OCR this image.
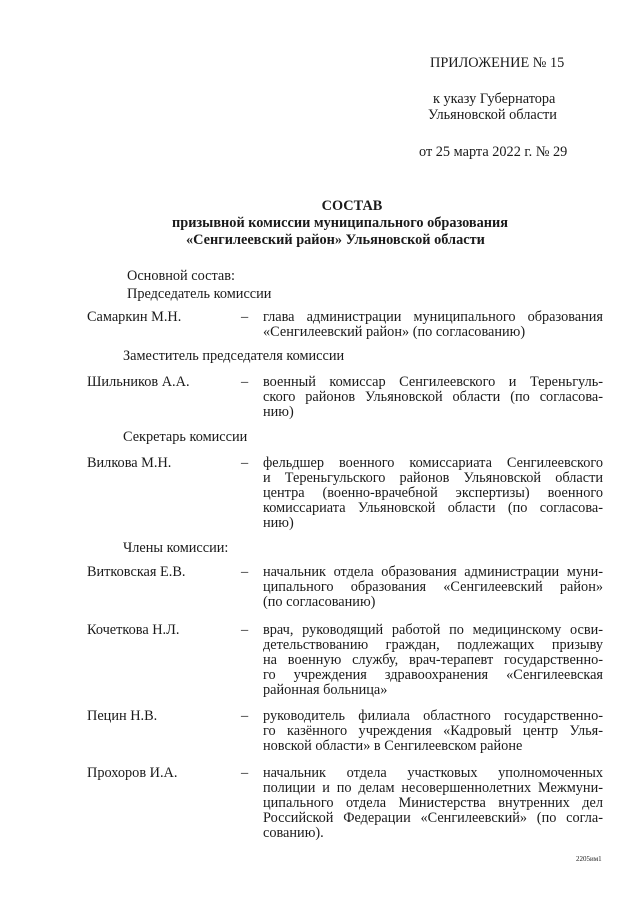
ПРИЛОЖЕНИЕ № 15
к указу Губернатора
Ульяновской области
от 25 марта 2022 г. № 29
СОСТАВ
призывной комиссии муниципального образования
«Сенгилеевский район» Ульяновской области
Основной состав:
Председатель комиссии
Самаркин М.Н.	– глава администрации муниципального образования
«Сенгилеевский район» (по согласованию)
Заместитель председателя комиссии
Шильников А.А.	– военный комиссар Сенгилеевского и Тереньгуль-
ского районов Ульяновской области (по согласова-
нию)
Секретарь комиссии
Вилкова М.Н.	– фельдшер военного комиссариата Сенгилеевского
и Тереньгульского районов Ульяновской области
центра (военно-врачебной экспертизы) военного
комиссариата Ульяновской области (по согласова-
нию)
Члены комиссии:
Витковская Е.В.	– начальник отдела образования администрации муни-
ципального образования «Сенгилеевский район»
(по согласованию)
Кочеткова Н.Л.	– врач, руководящий работой по медицинскому осви-
детельствованию граждан, подлежащих призыву
на военную службу, врач-терапевт государственно-
го учреждения здравоохранения «Сенгилеевская
районная больница»
Пецин Н.В.	– руководитель филиала областного государственно-
го казённого учреждения «Кадровый центр Улья-
новской области» в Сенгилеевском районе
Прохоров И.А.	– начальник отдела участковых уполномоченных
полиции и по делам несовершеннолетних Межмуни-
ципального отдела Министерства внутренних дел
Российской Федерации «Сенгилеевский» (по согла-
сованию).
2205им1
